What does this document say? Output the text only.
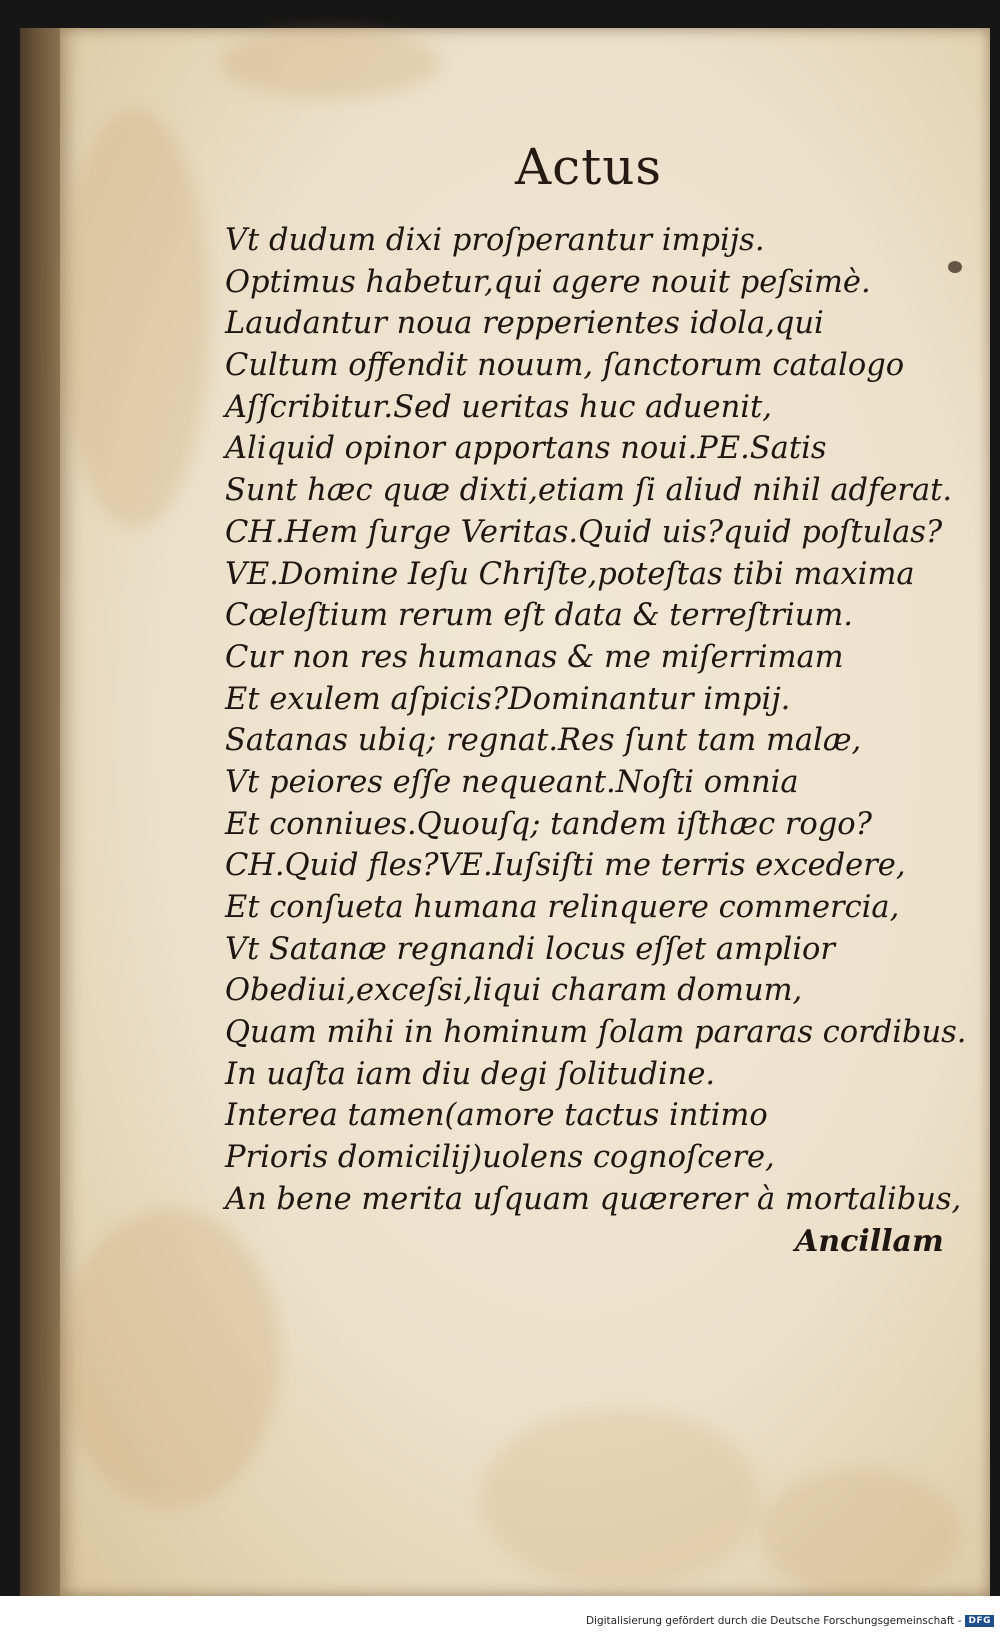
Actus
Vt dudum dixi proſperantur impijs.
Optimus habetur,qui agere nouit peſsimè.
Laudantur noua repperientes idola,qui
Cultum offendit nouum, ſanctorum catalogo
Aſſcribitur.Sed ueritas huc aduenit,
Aliquid opinor apportans noui.PE.Satis
Sunt hæc quæ dixti,etiam ſi aliud nihil adferat.
CH.Hem ſurge Veritas.Quid uis?quid poſtulas?
VE.Domine Ieſu Chriſte,poteſtas tibi maxima
Cœleſtium rerum eſt data & terreſtrium.
Cur non res humanas & me miſerrimam
Et exulem aſpicis?Dominantur impij.
Satanas ubiq; regnat.Res ſunt tam malæ,
Vt peiores eſſe nequeant.Noſti omnia
Et conniues.Quouſq; tandem iſthæc rogo?
CH.Quid fles?VE.Iuſsiſti me terris excedere,
Et conſueta humana relinquere commercia,
Vt Satanæ regnandi locus eſſet amplior
Obediui,exceſsi,liqui charam domum,
Quam mihi in hominum ſolam pararas cordibus.
In uaſta iam diu degi ſolitudine.
Interea tamen(amore tactus intimo
Prioris domicilij)uolens cognoſcere,
An bene merita uſquam quærerer à mortalibus,
Ancillam
Digitalisierung gefördert durch die Deutsche Forschungsgemeinschaft - DFG
